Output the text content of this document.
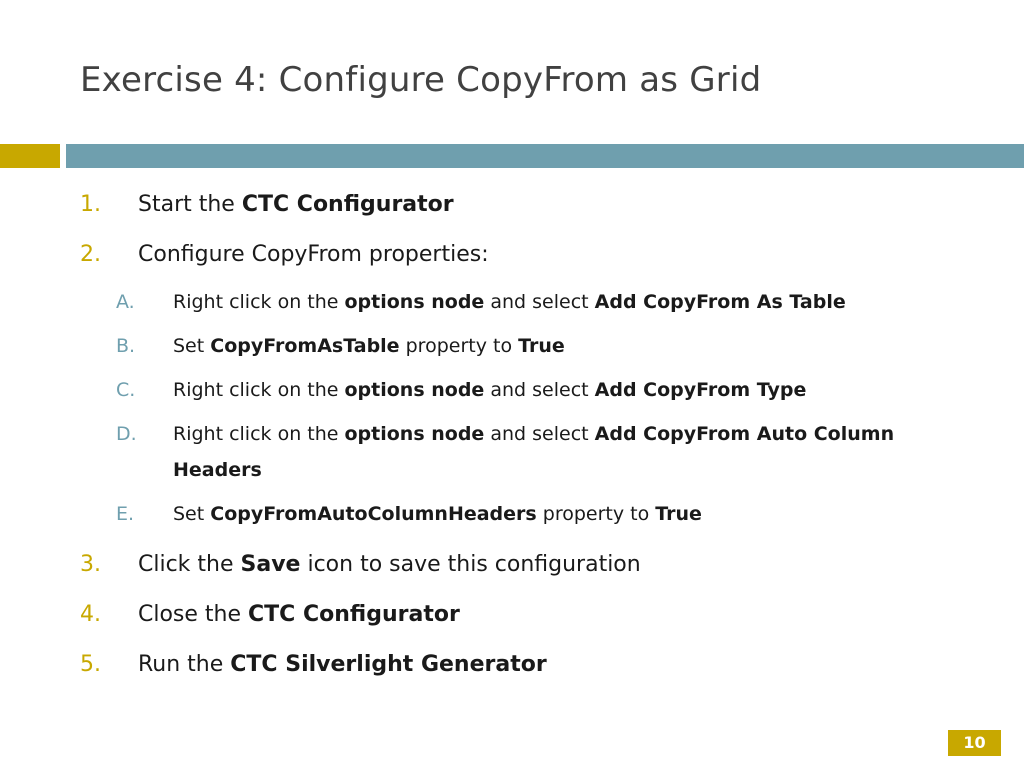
Exercise 4: Configure CopyFrom as Grid
1. Start the CTC Configurator
2. Configure CopyFrom properties:
A. Right click on the options node and select Add CopyFrom As Table
B. Set CopyFromAsTable property to True
C. Right click on the options node and select Add CopyFrom Type
D. Right click on the options node and select Add CopyFrom Auto Column Headers
E. Set CopyFromAutoColumnHeaders property to True
3. Click the Save icon to save this configuration
4. Close the CTC Configurator
5. Run the CTC Silverlight Generator
10
